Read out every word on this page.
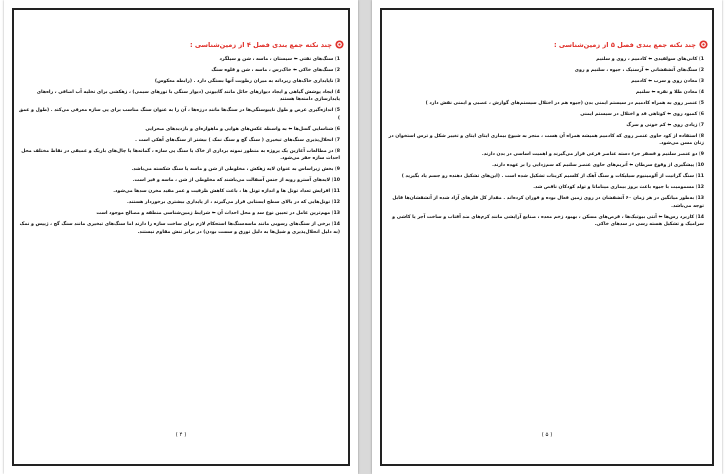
چند نکته جمع بندی فصل ۴ از زمین‌شناسی :

1) سنگ‌های نفتی ⬅ سیستان ، ماسه ، شن و سیلگرد

2) سنگ‌های خاکی ⬅ خاک‌رس ، ماسه ، شن و قلوه سنگ

3) ناپایداری خاک‌های ریزدانه به میزان رطوبت آنها بستگی دارد . (رابطه معکوس)

4) ایجاد پوشش گیاهی و ایجاد دیوارهای حائل مانند گابیونی (دیوار سنگی با تورهای سیمی) ، زهکشی برای تخلیه آب اضافی ، راه‌های پایدارسازی دامنه‌ها هستند

5) اندازه‌گیری عرض و طول ناپیوستگی‌ها در سنگ‌ها مانند درزه‌ها ، آن را به عنوان سنگ مناسب برای پی سازه معرفی می‌کند . (طول و عمق )

6) شناسایی گسل‌ها ⬅ به واسطه عکس‌های هوایی و ماهواره‌ای و بازدیدهای صحرایی

7) انحلال‌پذیری سنگ‌های تبخیری ( سنگ گچ و سنگ نمک ) بیشتر از سنگ‌های آهکی است .

8) در مطالعات آغازین یک پروژه به منظور نمونه برداری از خاک یا سنگ پی سازه ، گمانه‌ها یا چال‌های باریک و عمیقی در نقاط مختلف محل احداث سازه حفر می‌شود.

9) بخش زیراساس به عنوان لایه زهکش ، مخلوطی از شن و ماسه یا سنگ شکسته می‌باشد.

10) لایه‌های آسترو رویه از جنس آسفالت می‌باشند که مخلوطی از شن ، ماسه و قیر است.

11) افزایش تعداد تونل ها و اندازه تونل ها ، باعث کاهش ظرفیت و عمر مفید مخزن سدها می‌شود.

12) تونل‌هایی که در بالای سطح ایستابی قرار می‌گیرند ، از پایداری بیشتری برخوردار هستند.

13) مهم‌ترین عامل در تعیین نوع سد و محل احداث آن ⬅ شرایط زمین‌شناسی منطقه و مصالح موجود است

14) برخی از سنگ‌های رسوبی مانند ماسه‌سنگ‌ها استحکام لازم برای ساخت سازه را دارند اما سنگ‌های تبخیری مانند سنگ گچ ، ژیپس و نمک (به دلیل انحلال‌پذیری و شیل‌ها به دلیل تورق و سست بودن) در برابر تنش مقاوم نیستند.

( ۴ )
چند نکته جمع بندی فصل ۵ از زمین‌شناسی :

1) کانی‌های سولفیدی ⬅ کادمیم ، روی و سلنیم

2) سنگ‌های آتشفشانی ⬅ آرسنیک ، جیوه ، سلنیم و روی

3) معادن روی و سرب ⬅ کادمیم

4) معادن طلا و نقره ⬅ سلنیم

5) عنصر روی به همراه کادمیم در سیستم ایمنی بدن (جیوه هم در اختلال سیستم‌های گوارش ، عصبی و ایمنی نقش دارد )

6) کمبود روی ⬅ کوتاهی قد و اختلال در سیستم ایمنی

7) زیادی روی ⬅ کم خونی و سرگ

8) استفاده از کود حاوی عنصر روی که کادمیم همیشه همراه آن هست ، منجر به شیوع بیماری ایتای ایتای و تغییر شکل و ترس استخوان در زنان مسن می‌شود.

9) دو عنصر سلنیم و فسفر جزء دسته عناصر فرعی قرار می‌گیرند و اهمیت اساسی در بدن دارند.

10) پیشگیری از وقوع سرطان ⬅ آنزیم‌های حاوی عنصر سلنیم که سم‌زدایی را بر عهده دارند.

11) سنگ گرانیت از آلومینیوم سیلیکات و سنگ آهک از کلسیم کربنات تشکیل شده است . (این‌های تشکیل دهنده رو جسم یاد بگیرید )

12) مسمومیت با جیوه باعث بروز بیماری میناماتا و تولد کودکان ناقص شد.

13) به‌طور میانگین در هر زمان ۶۰ آتشفشان در روی زمین فعال بوده و فوران کرده‌اند . مقدار کل فلزهای آزاد شده از آتشفشان‌ها قابل توجه می‌باشد.

14) کاربرد رس‌ها ⬅ آنتی بیوتیک‌ها ، قرص‌های مسکن ، بهبود زخم معده ، صنایع آرایشی مانند کرم‌های ضد آفتاب و ساخت آجر یا کاشی و سرامیک و تشکیل هسته رسی در سدهای خاکی.

( ۵ )
